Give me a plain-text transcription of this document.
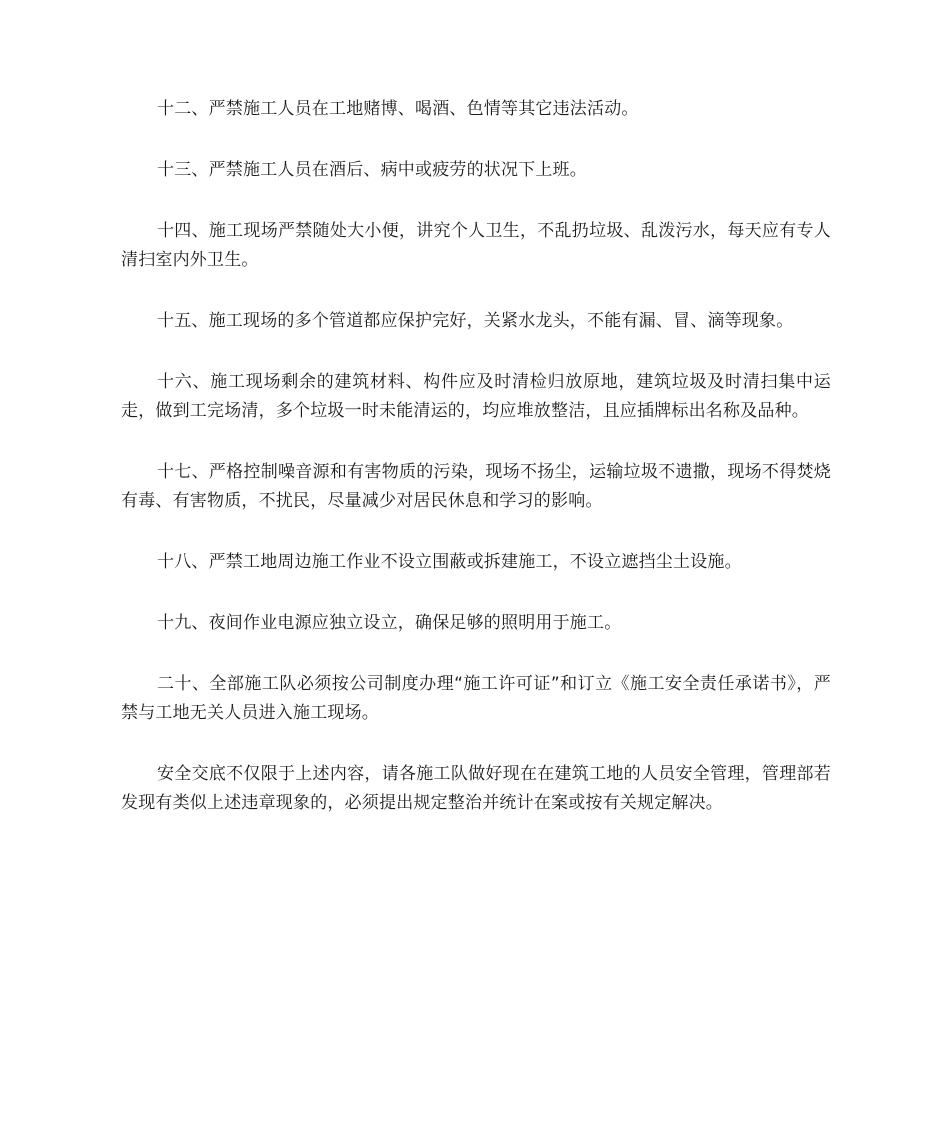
十二、严禁施工人员在工地赌博、喝酒、色情等其它违法活动。

十三、严禁施工人员在酒后、病中或疲劳的状况下上班。

十四、施工现场严禁随处大小便，讲究个人卫生，不乱扔垃圾、乱泼污水，每天应有专人清扫室内外卫生。

十五、施工现场的多个管道都应保护完好，关紧水龙头，不能有漏、冒、滴等现象。

十六、施工现场剩余的建筑材料、构件应及时清检归放原地，建筑垃圾及时清扫集中运走，做到工完场清，多个垃圾一时未能清运的，均应堆放整洁，且应插牌标出名称及品种。

十七、严格控制噪音源和有害物质的污染，现场不扬尘，运输垃圾不遗撒，现场不得焚烧有毒、有害物质，不扰民，尽量减少对居民休息和学习的影响。

十八、严禁工地周边施工作业不设立围蔽或拆建施工，不设立遮挡尘土设施。

十九、夜间作业电源应独立设立，确保足够的照明用于施工。

二十、全部施工队必须按公司制度办理“施工许可证”和订立《施工安全责任承诺书》，严禁与工地无关人员进入施工现场。

安全交底不仅限于上述内容，请各施工队做好现在在建筑工地的人员安全管理，管理部若发现有类似上述违章现象的，必须提出规定整治并统计在案或按有关规定解决。
